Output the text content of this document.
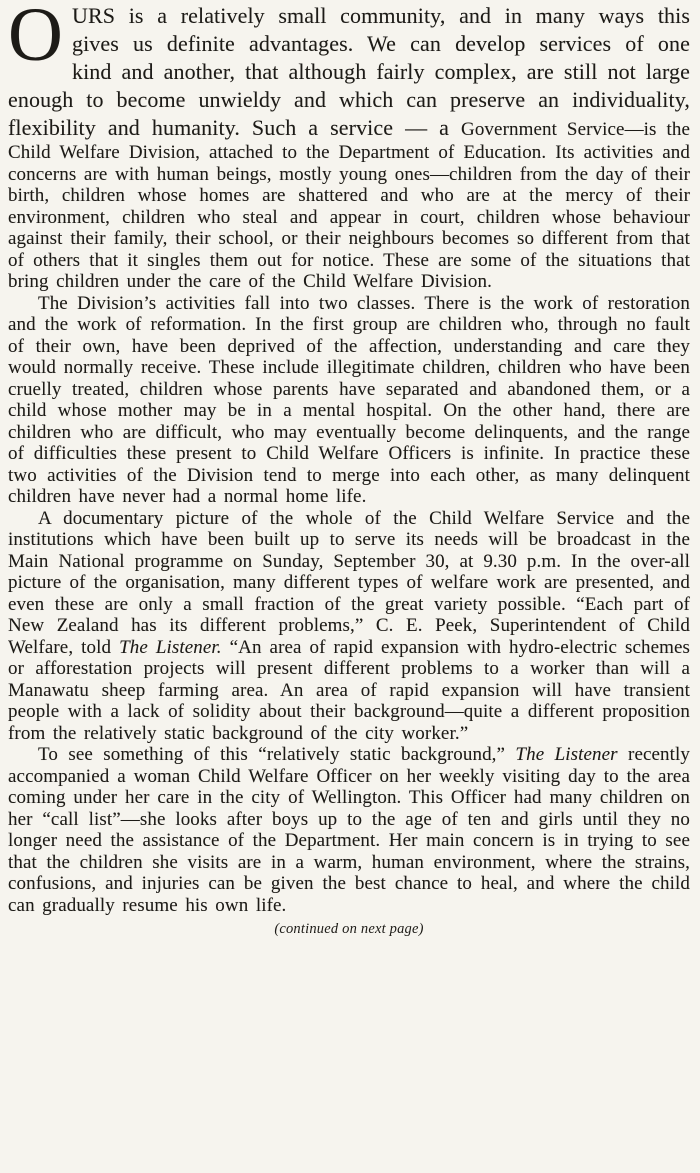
OURS is a relatively small community, and in many ways this gives us definite advantages. We can develop services of one kind and another, that although fairly complex, are still not large enough to become unwieldy and which can preserve an individuality, flexibility and humanity. Such a service — a Government Service—is the Child Welfare Division, attached to the Department of Education. Its activities and concerns are with human beings, mostly young ones—children from the day of their birth, children whose homes are shattered and who are at the mercy of their environment, children who steal and appear in court, children whose behaviour against their family, their school, or their neighbours becomes so different from that of others that it singles them out for notice. These are some of the situations that bring children under the care of the Child Welfare Division.

The Division’s activities fall into two classes. There is the work of restoration and the work of reformation. In the first group are children who, through no fault of their own, have been deprived of the affection, understanding and care they would normally receive. These include illegitimate children, children who have been cruelly treated, children whose parents have separated and abandoned them, or a child whose mother may be in a mental hospital. On the other hand, there are children who are difficult, who may eventually become delinquents, and the range of difficulties these present to Child Welfare Officers is infinite. In practice these two activities of the Division tend to merge into each other, as many delinquent children have never had a normal home life.

A documentary picture of the whole of the Child Welfare Service and the institutions which have been built up to serve its needs will be broadcast in the Main National programme on Sunday, September 30, at 9.30 p.m. In the over-all picture of the organisation, many different types of welfare work are presented, and even these are only a small fraction of the great variety possible. “Each part of New Zealand has its different problems,” C. E. Peek, Superintendent of Child Welfare, told The Listener. “An area of rapid expansion with hydro-electric schemes or afforestation projects will present different problems to a worker than will a Manawatu sheep farming area. An area of rapid expansion will have transient people with a lack of solidity about their background—quite a different proposition from the relatively static background of the city worker.”

To see something of this “relatively static background,” The Listener recently accompanied a woman Child Welfare Officer on her weekly visiting day to the area coming under her care in the city of Wellington. This Officer had many children on her “call list”—she looks after boys up to the age of ten and girls until they no longer need the assistance of the Department. Her main concern is in trying to see that the children she visits are in a warm, human environment, where the strains, confusions, and injuries can be given the best chance to heal, and where the child can gradually resume his own life.

(continued on next page)
